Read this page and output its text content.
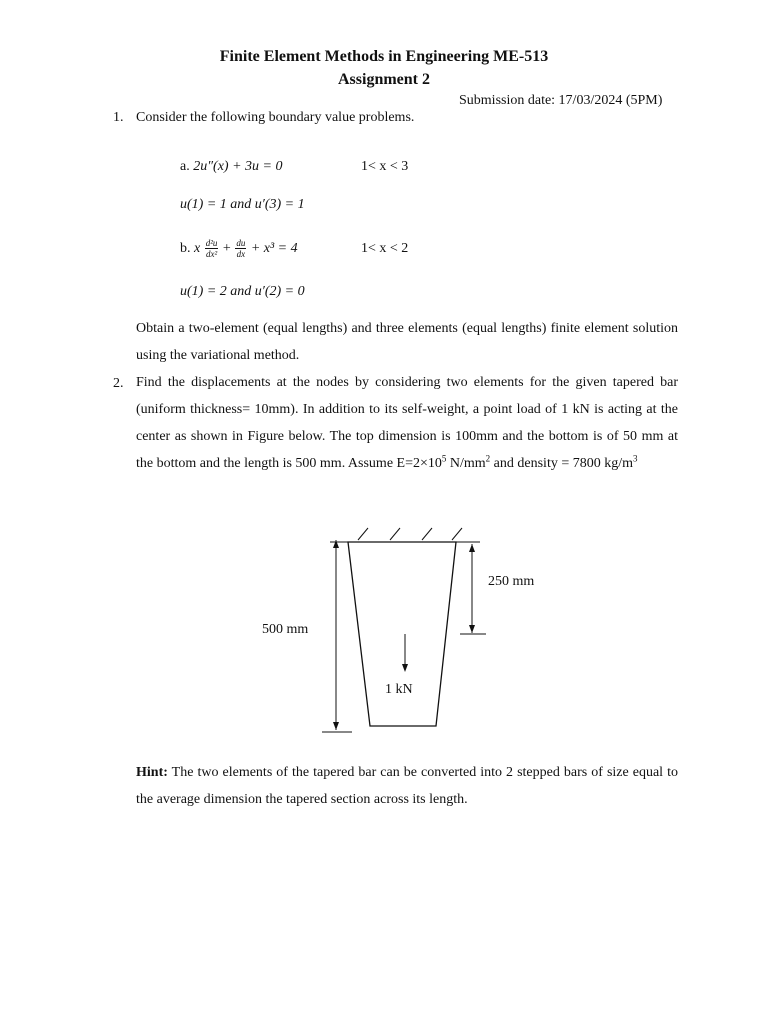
Finite Element Methods in Engineering ME-513
Assignment 2
Submission date: 17/03/2024 (5PM)
1. Consider the following boundary value problems.
a. 2u″(x) + 3u = 0	1< x < 3
u(1) = 1 and u′(3) = 1
b. x $\frac{\text{d²u}}{\text{dx²}} + \frac{du}{dx} + x^3 = 4$	1< x < 2
u(1) = 2 and u′(2) = 0
Obtain a two-element (equal lengths) and three elements (equal lengths) finite element solution using the variational method.
2. Find the displacements at the nodes by considering two elements for the given tapered bar (uniform thickness= 10mm). In addition to its self-weight, a point load of 1 kN is acting at the center as shown in Figure below. The top dimension is 100mm and the bottom is of 50 mm at the bottom and the length is 500 mm. Assume $E=2\times 10^5$ $N/mm^2$ and density = 7800 $kg/m^3$
250 mm
500 mm
1 kN
Hint: The two elements of the tapered bar can be converted into 2 stepped bars of size equal to the average dimension the tapered section across its length.
